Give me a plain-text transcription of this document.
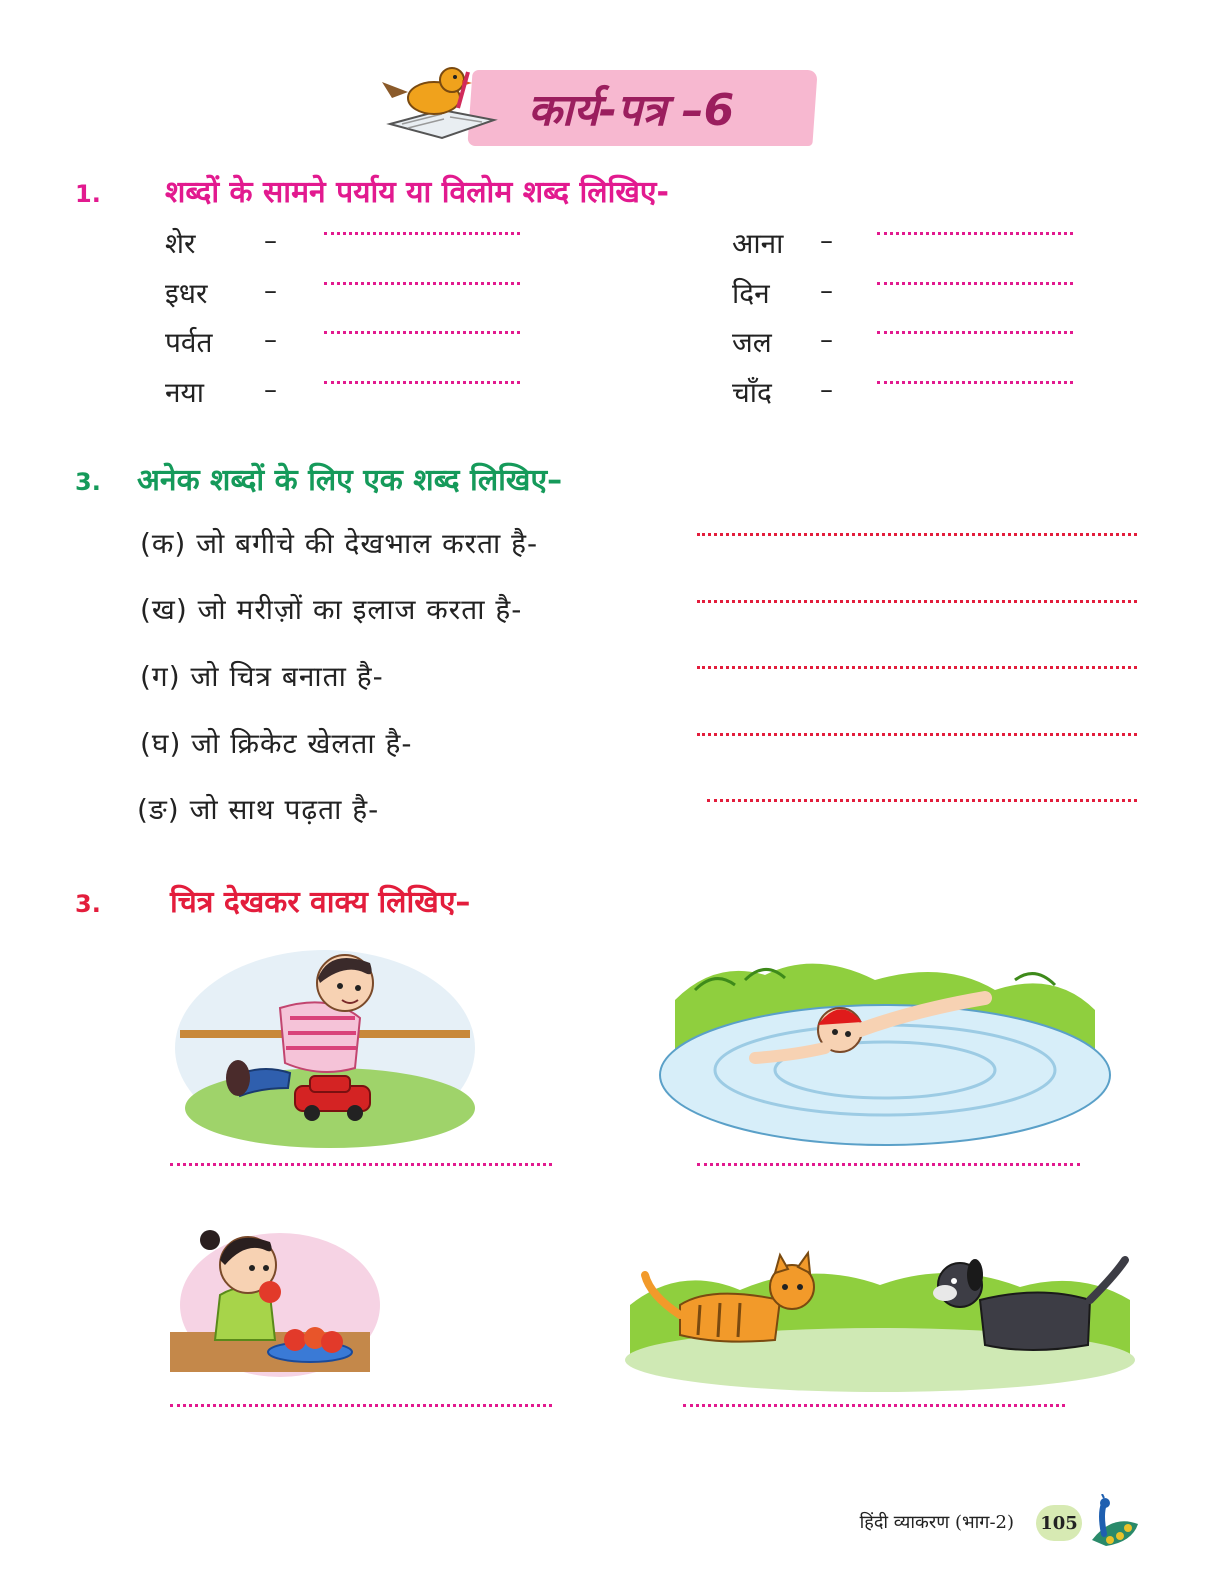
कार्य-पत्र –6
1. शब्दों के सामने पर्याय या विलोम शब्द लिखिए-
शेर
इधर
पर्वत
नया
–
–
–
–
आना
दिन
जल
चाँद
–
–
–
–
3. अनेक शब्दों के लिए एक शब्द लिखिए–
(क) जो बगीचे की देखभाल करता है-
(ख) जो मरीज़ों का इलाज करता है-
(ग) जो चित्र बनाता है-
(घ) जो क्रिकेट खेलता है-
(ङ) जो साथ पढ़ता है-
3. चित्र देखकर वाक्य लिखिए–
हिंदी व्याकरण (भाग-2) 105
